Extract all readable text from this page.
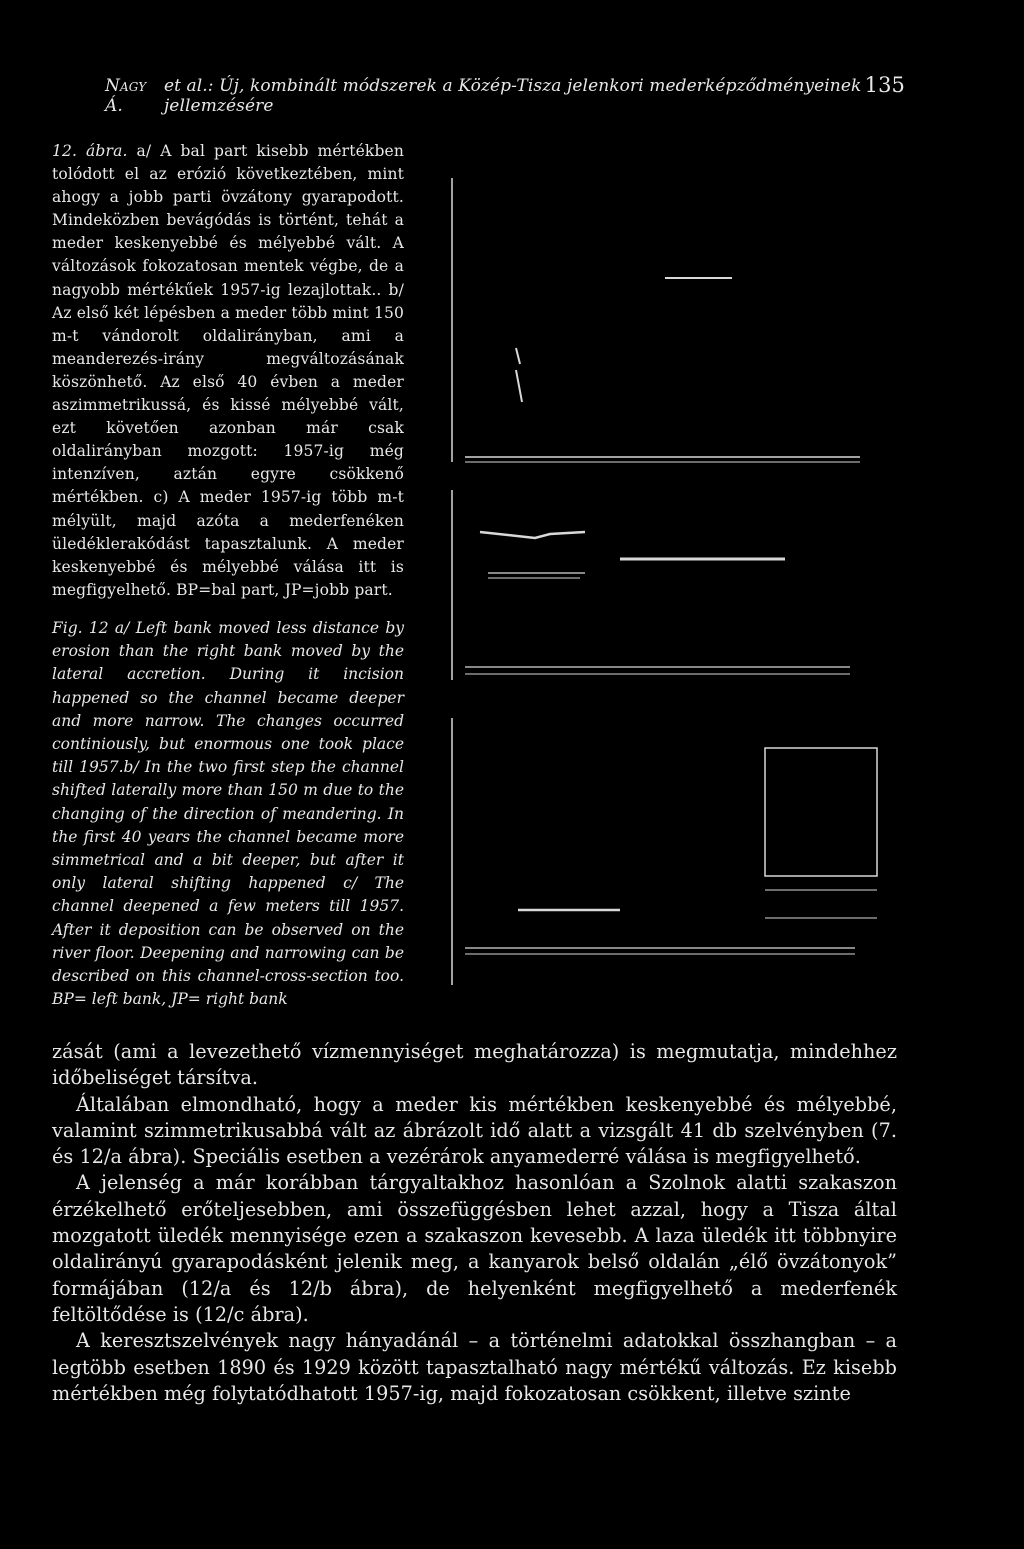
Nagy Á.
et al.: Új, kombinált módszerek a Közép-Tisza jelenkori mederképződményeinek jellemzésére
135

12. ábra. a/ A bal part kisebb mértékben tolódott el az erózió következtében, mint ahogy a jobb parti övzátony gyarapodott. Mindeközben bevágódás is történt, tehát a meder keskenyebbé és mélyebbé vált. A változások fokozatosan mentek végbe, de a nagyobb mértékűek 1957-ig lezajlottak.. b/ Az első két lépésben a meder több mint 150 m-t vándorolt oldalirányban, ami a meanderezés-irány megváltozásának köszönhető. Az első 40 évben a meder aszimmetrikussá, és kissé mélyebbé vált, ezt követően azonban már csak oldalirányban mozgott: 1957-ig még intenzíven, aztán egyre csökkenő mértékben. c) A meder 1957-ig több m-t mélyült, majd azóta a mederfenéken üledéklerakódást tapasztalunk. A meder keskenyebbé és mélyebbé válása itt is megfigyelhető. BP=bal part, JP=jobb part.

Fig. 12 a/ Left bank moved less distance by erosion than the right bank moved by the lateral accretion. During it incision happened so the channel became deeper and more narrow. The changes occurred continiously, but enormous one took place till 1957.b/ In the two first step the channel shifted laterally more than 150 m due to the changing of the direction of meandering. In the first 40 years the channel became more simmetrical and a bit deeper, but after it only lateral shifting happened c/ The channel deepened a few meters till 1957. After it deposition can be observed on the river floor. Deepening and narrowing can be described on this channel-cross-section too. BP= left bank, JP= right bank

zását (ami a levezethető vízmennyiséget meghatározza) is megmutatja, mindehhez időbeliséget társítva.

Általában elmondható, hogy a meder kis mértékben keskenyebbé és mélyebbé, valamint szimmetrikusabbá vált az ábrázolt idő alatt a vizsgált 41 db szelvényben (7. és 12/a ábra). Speciális esetben a vezérárok anyamederré válása is megfigyelhető.

A jelenség a már korábban tárgyaltakhoz hasonlóan a Szolnok alatti szakaszon érzékelhető erőteljesebben, ami összefüggésben lehet azzal, hogy a Tisza által mozgatott üledék mennyisége ezen a szakaszon kevesebb. A laza üledék itt többnyire oldalirányú gyarapodásként jelenik meg, a kanyarok belső oldalán „élő övzátonyok” formájában (12/a és 12/b ábra), de helyenként megfigyelhető a mederfenék feltöltődése is (12/c ábra).

A keresztszelvények nagy hányadánál – a történelmi adatokkal összhangban – a legtöbb esetben 1890 és 1929 között tapasztalható nagy mértékű változás. Ez kisebb mértékben még folytatódhatott 1957-ig, majd fokozatosan csökkent, illetve szinte
